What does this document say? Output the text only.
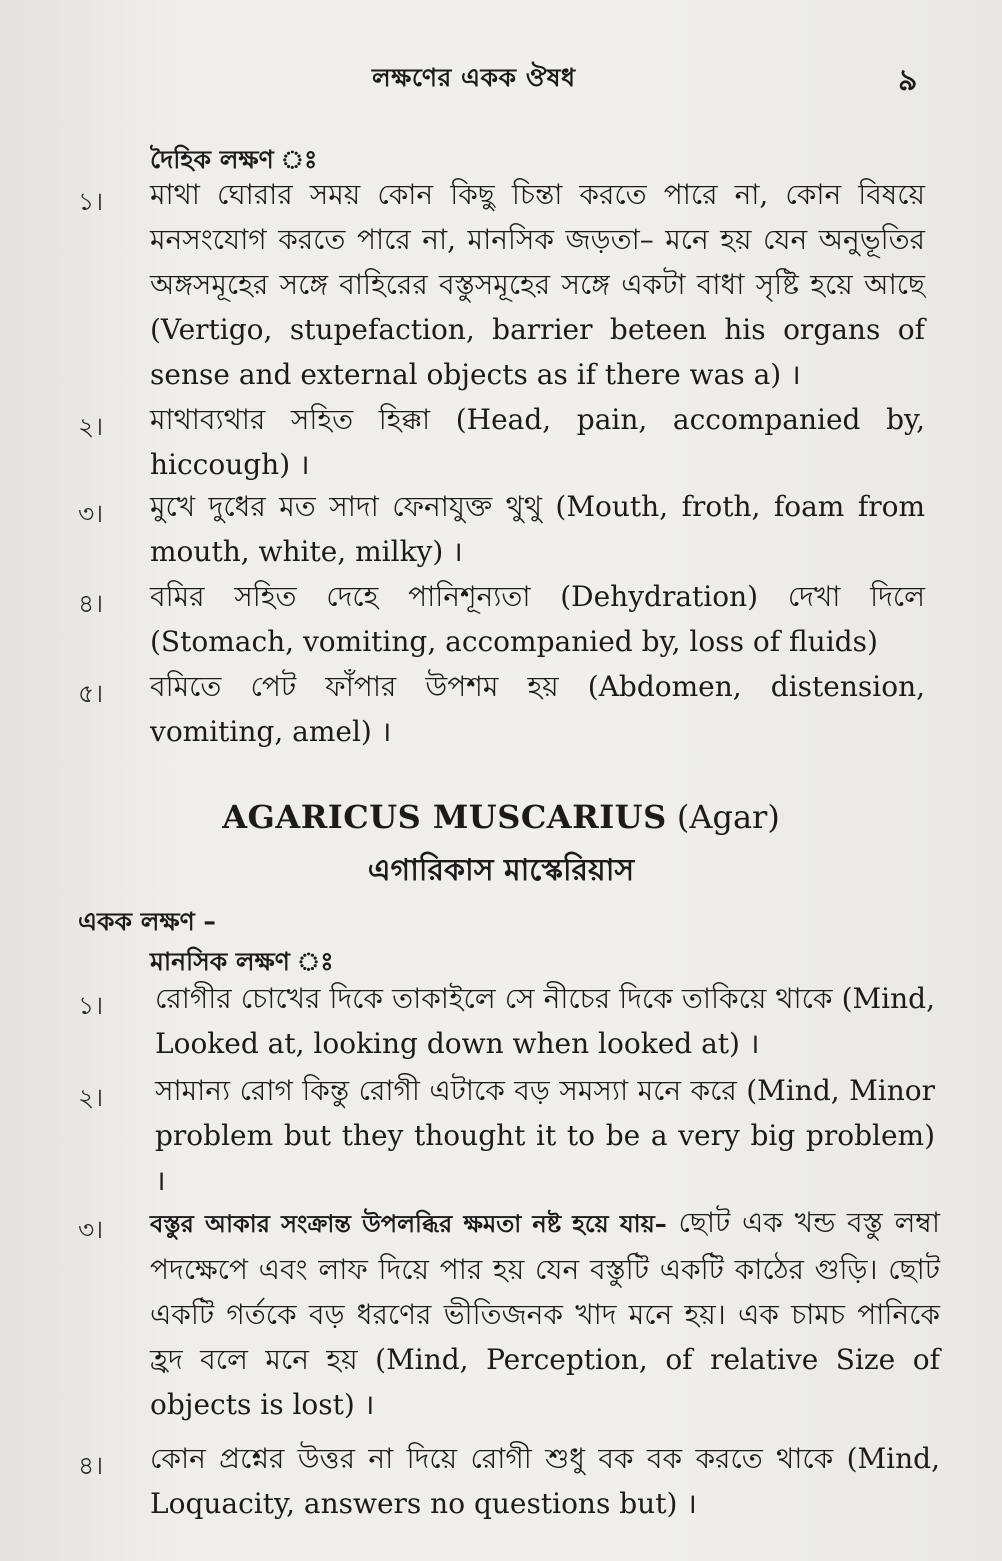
লক্ষণের একক ঔষধ	৯
দৈহিক লক্ষণ ঃ
১। মাথা ঘোরার সময় কোন কিছু চিন্তা করতে পারে না, কোন বিষয়ে মনসংযোগ করতে পারে না, মানসিক জড়তা– মনে হয় যেন অনুভূতির অঙ্গসমূহের সঙ্গে বাহিরের বস্তুসমূহের সঙ্গে একটা বাধা সৃষ্টি হয়ে আছে (Vertigo, stupefaction, barrier beteen his organs of sense and external objects as if there was a) ।
২। মাথাব্যথার সহিত হিক্কা (Head, pain, accompanied by, hiccough) ।
৩। মুখে দুধের মত সাদা ফেনাযুক্ত থুথু (Mouth, froth, foam from mouth, white, milky) ।
৪। বমির সহিত দেহে পানিশূন্যতা (Dehydration) দেখা দিলে (Stomach, vomiting, accompanied by, loss of fluids)
৫। বমিতে পেট ফাঁপার উপশম হয় (Abdomen, distension, vomiting, amel) ।
AGARICUS MUSCARIUS (Agar)
এগারিকাস মাস্কেরিয়াস
একক লক্ষণ –
মানসিক লক্ষণ ঃ
১। রোগীর চোখের দিকে তাকাইলে সে নীচের দিকে তাকিয়ে থাকে (Mind, Looked at, looking down when looked at) ।
২। সামান্য রোগ কিন্তু রোগী এটাকে বড় সমস্যা মনে করে (Mind, Minor problem but they thought it to be a very big problem) ।
৩। বস্তুর আকার সংক্রান্ত উপলব্ধির ক্ষমতা নষ্ট হয়ে যায়– ছোট এক খন্ড বস্তু লম্বা পদক্ষেপে এবং লাফ দিয়ে পার হয় যেন বস্তুটি একটি কাঠের গুড়ি। ছোট একটি গর্তকে বড় ধরণের ভীতিজনক খাদ মনে হয়। এক চামচ পানিকে হ্রদ বলে মনে হয় (Mind, Perception, of relative Size of objects is lost) ।
৪। কোন প্রশ্নের উত্তর না দিয়ে রোগী শুধু বক বক করতে থাকে (Mind, Loquacity, answers no questions but) ।
